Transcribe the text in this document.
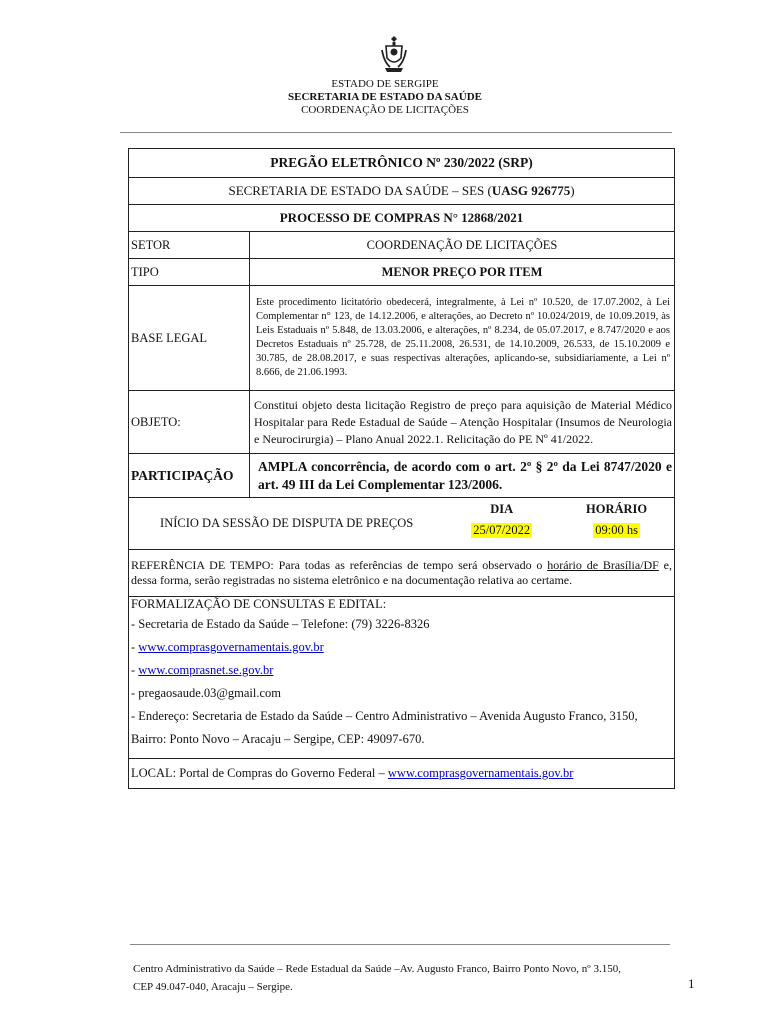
ESTADO DE SERGIPE
SECRETARIA DE ESTADO DA SAÚDE
COORDENAÇÃO DE LICITAÇÕES
PREGÃO ELETRÔNICO Nº 230/2022 (SRP)
SECRETARIA DE ESTADO DA SAÚDE – SES (UASG 926775)
PROCESSO DE COMPRAS N° 12868/2021
SETOR	COORDENAÇÃO DE LICITAÇÕES
TIPO	MENOR PREÇO POR ITEM
BASE LEGAL	Este procedimento licitatório obedecerá, integralmente, à Lei nº 10.520, de 17.07.2002, à Lei Complementar n° 123, de 14.12.2006, e alterações, ao Decreto nº 10.024/2019, de 10.09.2019, às Leis Estaduais nº 5.848, de 13.03.2006, e alterações, nº 8.234, de 05.07.2017, e 8.747/2020 e aos Decretos Estaduais nº 25.728, de 25.11.2008, 26.531, de 14.10.2009, 26.533, de 15.10.2009 e 30.785, de 28.08.2017, e suas respectivas alterações, aplicando-se, subsidiariamente, a Lei nº 8.666, de 21.06.1993.
OBJETO:	Constitui objeto desta licitação Registro de preço para aquisição de Material Médico Hospitalar para Rede Estadual de Saúde – Atenção Hospitalar (Insumos de Neurologia e Neurocirurgia) – Plano Anual 2022.1. Relicitação do PE Nº 41/2022.
PARTICIPAÇÃO	AMPLA concorrência, de acordo com o art. 2º § 2º da Lei 8747/2020 e art. 49 III da Lei Complementar 123/2006.

INÍCIO DA SESSÃO DE DISPUTA DE PREÇOS	
DIA
25/07/2022

HORÁRIO
09:00 hs

REFERÊNCIA DE TEMPO: Para todas as referências de tempo será observado o horário de Brasília/DF e, dessa forma, serão registradas no sistema eletrônico e na documentação relativa ao certame.

FORMALIZAÇÃO DE CONSULTAS E EDITAL:
- Secretaria de Estado da Saúde – Telefone: (79) 3226-8326
- www.comprasgovernamentais.gov.br
- www.comprasnet.se.gov.br
- pregaosaude.03@gmail.com
- Endereço: Secretaria de Estado da Saúde – Centro Administrativo – Avenida Augusto Franco, 3150,
Bairro: Ponto Novo – Aracaju – Sergipe, CEP: 49097-670.

LOCAL: Portal de Compras do Governo Federal – www.comprasgovernamentais.gov.br
Centro Administrativo da Saúde – Rede Estadual da Saúde –Av. Augusto Franco, Bairro Ponto Novo, nº 3.150,
CEP 49.047-040, Aracaju – Sergipe.	1
